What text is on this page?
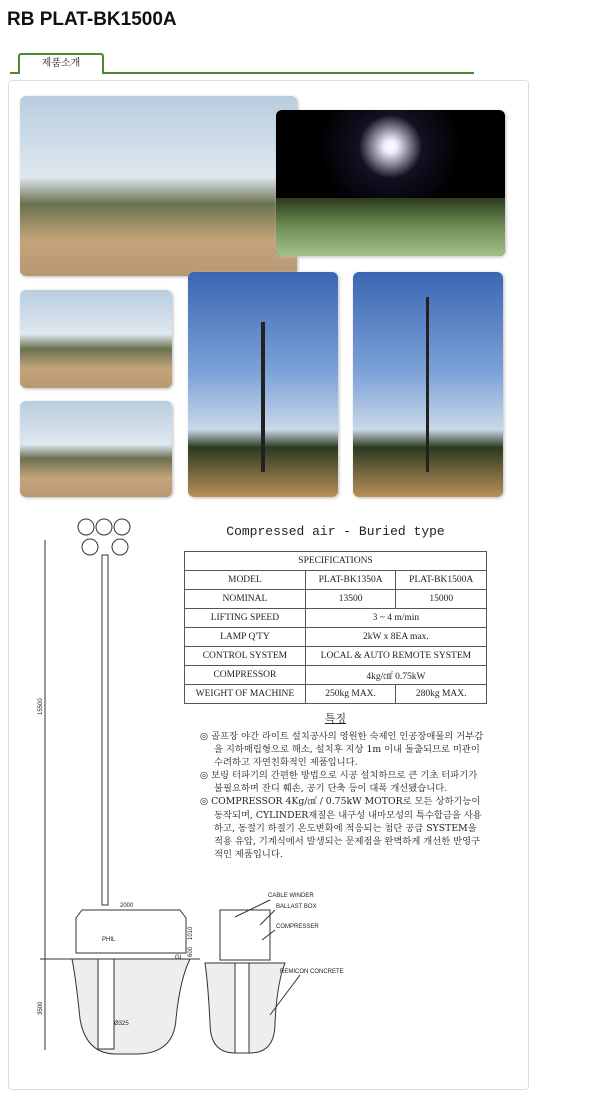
RB PLAT-BK1500A
제품소개
15500
3500
2000
1010
600
PHIL
Ø325
GL
CABLE WINDER
BALLAST BOX
COMPRESSER
REMICON CONCRETE
Compressed air - Buried type
SPECIFICATIONS		
MODEL	PLAT-BK1350A	PLAT-BK1500A
NOMINAL	13500	15000
LIFTING SPEED	3 ~ 4 m/min	
LAMP Q'TY	2kW x 8EA max.	
CONTROL SYSTEM	LOCAL & AUTO REMOTE SYSTEM	
COMPRESSOR	4kg/㎠ 0.75kW	
WEIGHT OF MACHINE	250kg MAX.	280kg MAX.
특징

◎ 골프장 야간 라이트 설치공사의 영원한 숙제인 인공장애물의 거부감을 지하매립형으로 해소, 설치후 지상 1m 이내 돌출되므로 미관이 수려하고 자연친화적인 제품입니다.

◎ 보링 터파기의 간편한 방법으로 시공 설치하므로 큰 기초 터파기가 불필요하며 잔디 훼손, 공기 단축 등이 대폭 개선됐습니다.

◎ COMPRESSOR 4Kg/㎠ / 0.75kW MOTOR로 모든 상하기능이 동작되며, CYLINDER재질은 내구성 내마모성의 특수합금을 사용하고, 동절기 하절기 온도변화에 적응되는 첨단 공급 SYSTEM을 적용 유압, 기계식에서 발생되는 문제점을 완벽하게 개선한 반영구적인 제품입니다.
